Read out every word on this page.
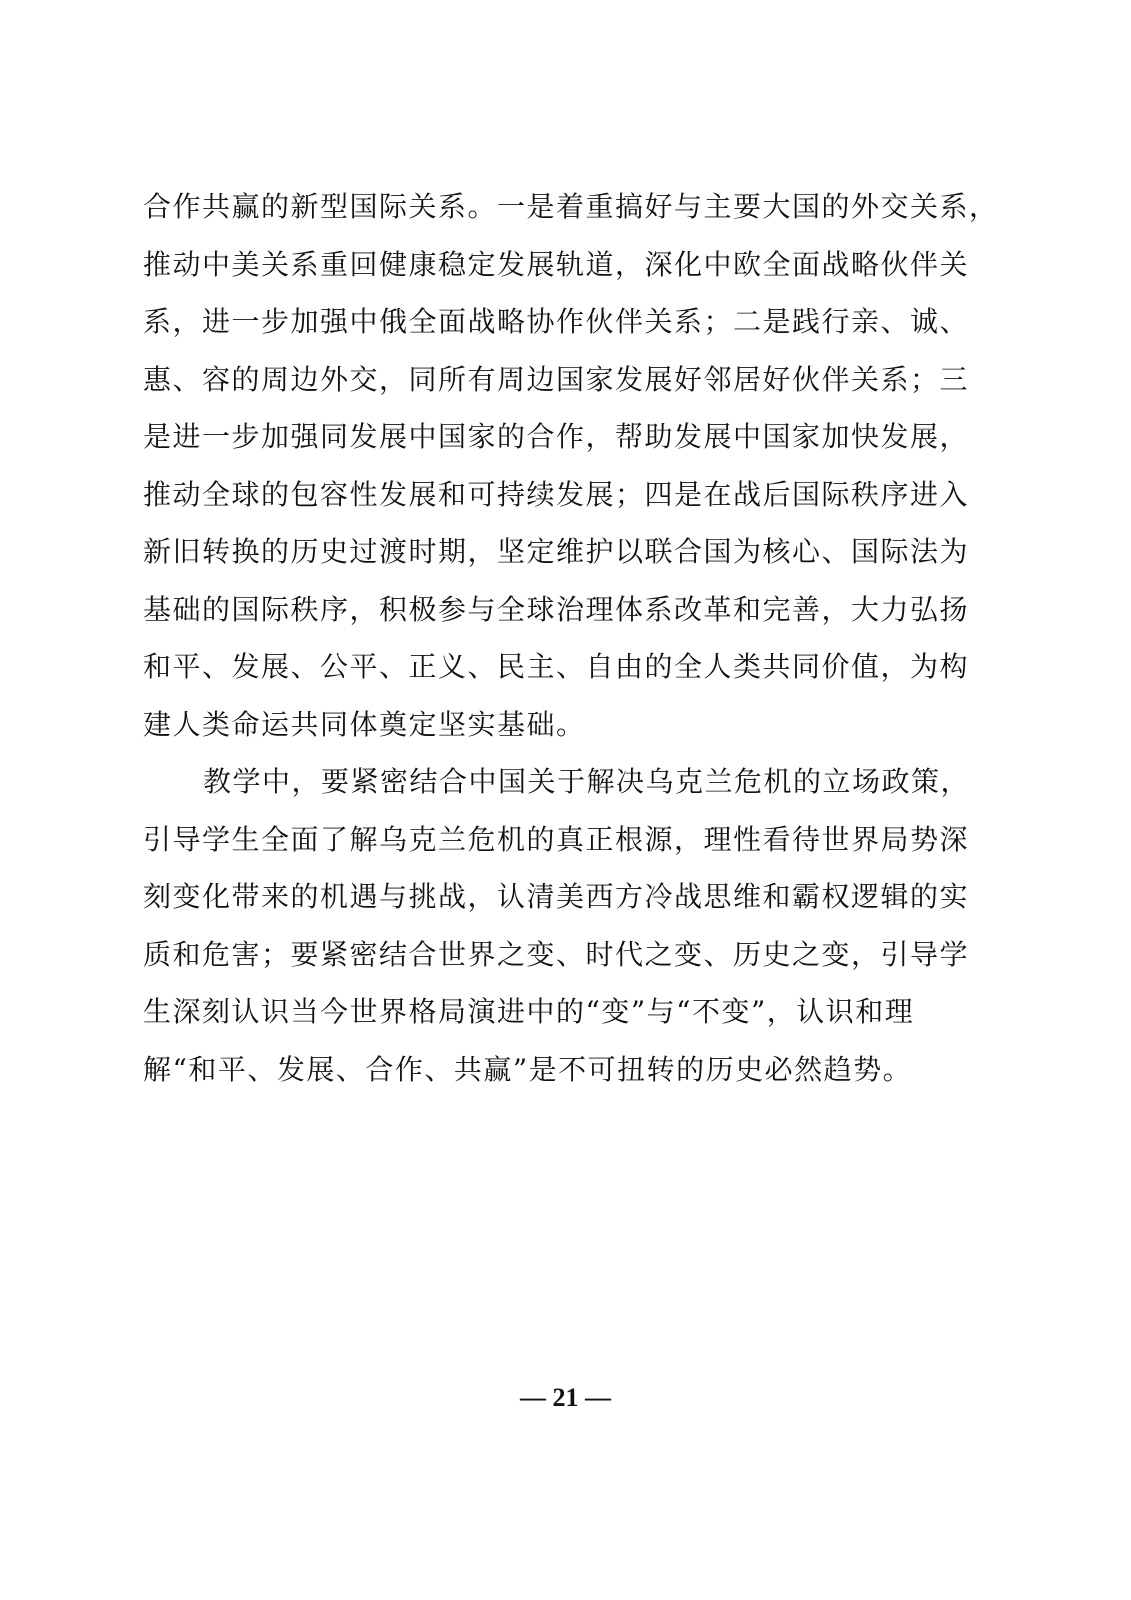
合作共赢的新型国际关系。一是着重搞好与主要大国的外交关系，
推动中美关系重回健康稳定发展轨道，深化中欧全面战略伙伴关
系，进一步加强中俄全面战略协作伙伴关系；二是践行亲、诚、
惠、容的周边外交，同所有周边国家发展好邻居好伙伴关系；三
是进一步加强同发展中国家的合作，帮助发展中国家加快发展，
推动全球的包容性发展和可持续发展；四是在战后国际秩序进入
新旧转换的历史过渡时期，坚定维护以联合国为核心、国际法为
基础的国际秩序，积极参与全球治理体系改革和完善，大力弘扬
和平、发展、公平、正义、民主、自由的全人类共同价值，为构
建人类命运共同体奠定坚实基础。
教学中，要紧密结合中国关于解决乌克兰危机的立场政策，
引导学生全面了解乌克兰危机的真正根源，理性看待世界局势深
刻变化带来的机遇与挑战，认清美西方冷战思维和霸权逻辑的实
质和危害；要紧密结合世界之变、时代之变、历史之变，引导学
生深刻认识当今世界格局演进中的“变”与“不变”，认识和理
解“和平、发展、合作、共赢”是不可扭转的历史必然趋势。
— 21 —
